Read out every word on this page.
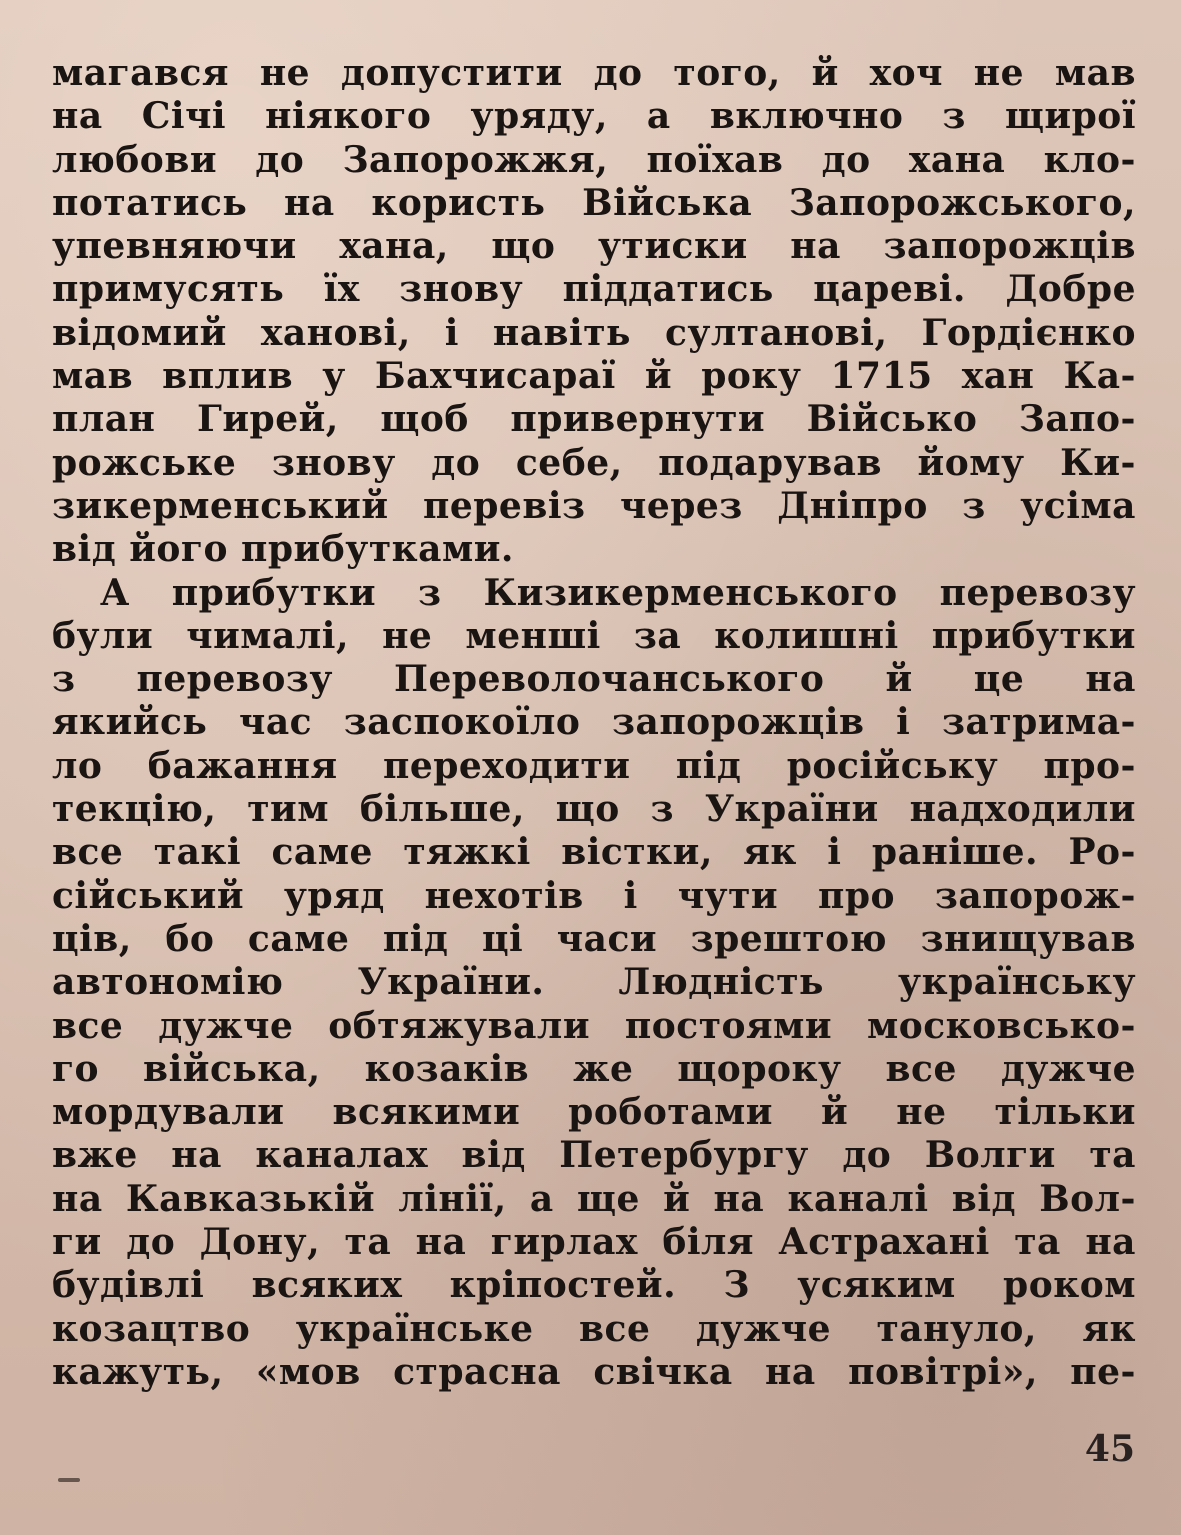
магався не допустити до того, й хоч не мав
на Січі ніякого уряду, а включно з щирої
любови до Запорожжя, поїхав до хана кло-
потатись на користь Війська Запорожського,
упевняючи хана, що утиски на запорожців
примусять їх знову піддатись цареві. Добре
відомий ханові, і навіть султанові, Гордієнко
мав вплив у Бахчисараї й року 1715 хан Ка-
план Гирей, щоб привернути Військо Запо-
рожське знову до себе, подарував йому Ки-
зикерменський перевіз через Дніпро з усіма
від його прибутками.
А прибутки з Кизикерменського перевозу
були чималі, не менші за колишні прибутки
з перевозу Переволочанського й це на
якийсь час заспокоїло запорожців і затрима-
ло бажання переходити під російську про-
текцію, тим більше, що з України надходили
все такі саме тяжкі вістки, як і раніше. Ро-
сійський уряд нехотів і чути про запорож-
ців, бо саме під ці часи зрештою знищував
автономію України. Людність українську
все дужче обтяжували постоями московсько-
го війська, козаків же щороку все дужче
мордували всякими роботами й не тільки
вже на каналах від Петербургу до Волги та
на Кавказькій лінії, а ще й на каналі від Вол-
ги до Дону, та на гирлах біля Астрахані та на
будівлі всяких кріпостей. З усяким роком
козацтво українське все дужче тануло, як
кажуть, «мов страсна свічка на повітрі», пе-
45
